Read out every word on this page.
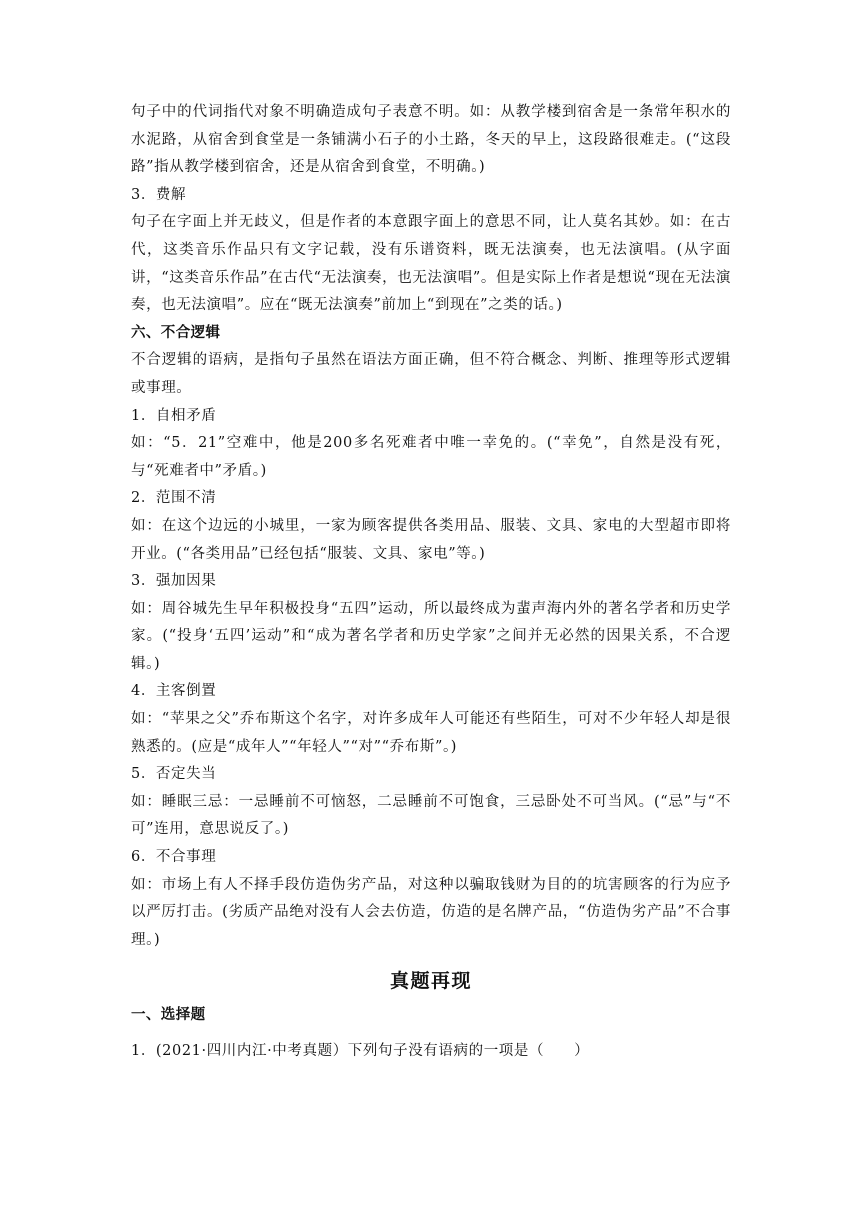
句子中的代词指代对象不明确造成句子表意不明。如：从教学楼到宿舍是一条常年积水的水泥路，从宿舍到食堂是一条铺满小石子的小土路，冬天的早上，这段路很难走。(“这段路”指从教学楼到宿舍，还是从宿舍到食堂，不明确。)

3．费解

句子在字面上并无歧义，但是作者的本意跟字面上的意思不同，让人莫名其妙。如：在古代，这类音乐作品只有文字记载，没有乐谱资料，既无法演奏，也无法演唱。(从字面讲，“这类音乐作品”在古代“无法演奏，也无法演唱”。但是实际上作者是想说“现在无法演奏，也无法演唱”。应在“既无法演奏”前加上“到现在”之类的话。)

六、不合逻辑

不合逻辑的语病，是指句子虽然在语法方面正确，但不符合概念、判断、推理等形式逻辑或事理。

1．自相矛盾

如：“5．21”空难中，他是200多名死难者中唯一幸免的。(“幸免”，自然是没有死，与“死难者中”矛盾。)

2．范围不清

如：在这个边远的小城里，一家为顾客提供各类用品、服装、文具、家电的大型超市即将开业。(“各类用品”已经包括“服装、文具、家电”等。)

3．强加因果

如：周谷城先生早年积极投身“五四”运动，所以最终成为蜚声海内外的著名学者和历史学家。(“投身‘五四’运动”和“成为著名学者和历史学家”之间并无必然的因果关系，不合逻辑。)

4．主客倒置

如：“苹果之父”乔布斯这个名字，对许多成年人可能还有些陌生，可对不少年轻人却是很熟悉的。(应是“成年人”“年轻人”“对”“乔布斯”。)

5．否定失当

如：睡眠三忌：一忌睡前不可恼怒，二忌睡前不可饱食，三忌卧处不可当风。(“忌”与“不可”连用，意思说反了。)

6．不合事理

如：市场上有人不择手段仿造伪劣产品，对这种以骗取钱财为目的的坑害顾客的行为应予以严厉打击。(劣质产品绝对没有人会去仿造，仿造的是名牌产品，“仿造伪劣产品”不合事理。)

真题再现

一、选择题

1．(2021·四川内江·中考真题）下列句子没有语病的一项是（　　）
